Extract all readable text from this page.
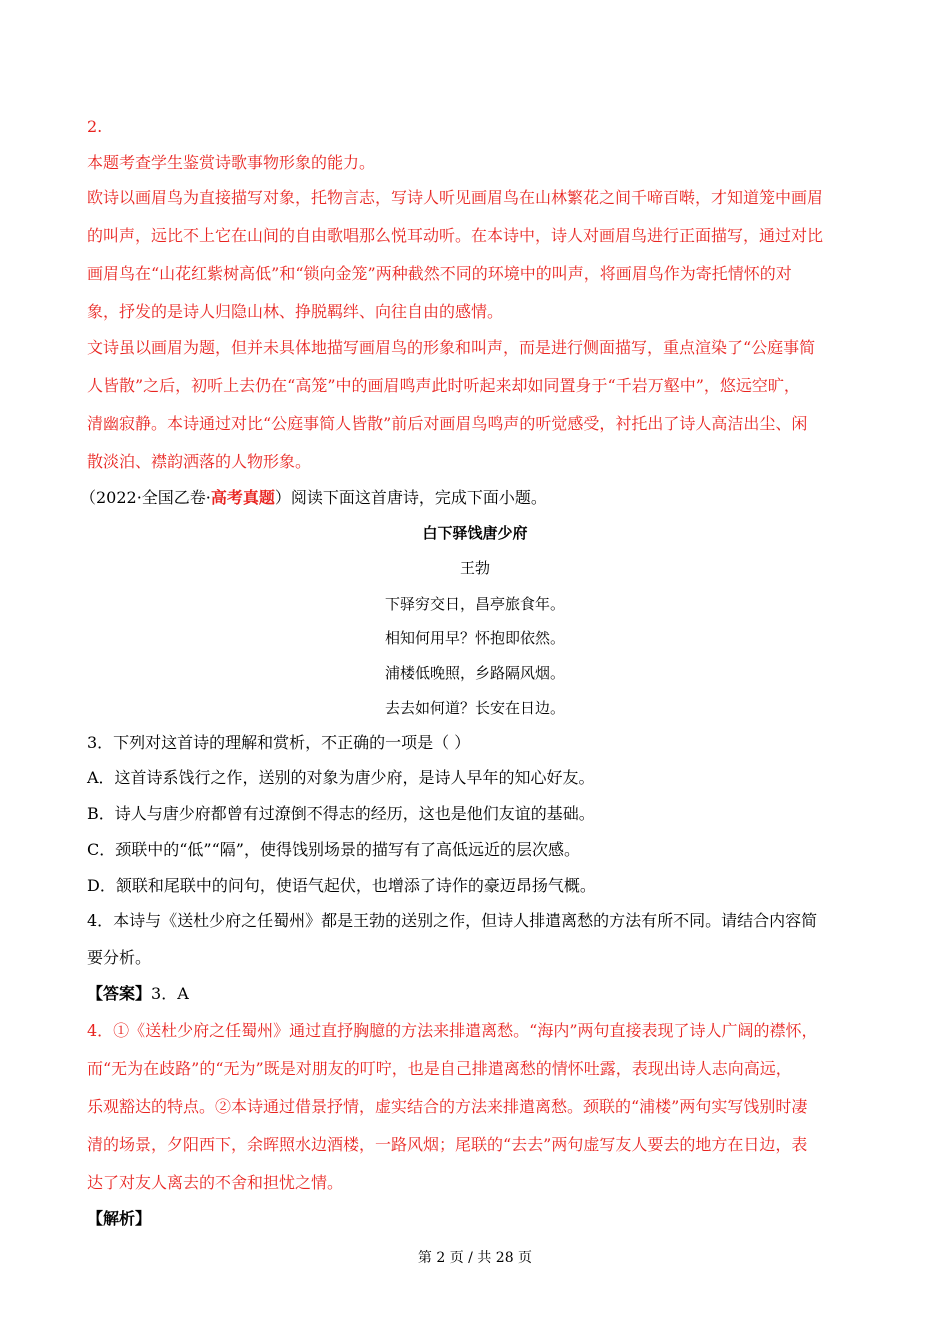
2.
本题考查学生鉴赏诗歌事物形象的能力。
欧诗以画眉鸟为直接描写对象，托物言志，写诗人听见画眉鸟在山林繁花之间千啼百啭，才知道笼中画眉
的叫声，远比不上它在山间的自由歌唱那么悦耳动听。在本诗中，诗人对画眉鸟进行正面描写，通过对比
画眉鸟在“山花红紫树高低”和“锁向金笼”两种截然不同的环境中的叫声，将画眉鸟作为寄托情怀的对
象，抒发的是诗人归隐山林、挣脱羁绊、向往自由的感情。
文诗虽以画眉为题，但并未具体地描写画眉鸟的形象和叫声，而是进行侧面描写，重点渲染了“公庭事简
人皆散”之后，初听上去仍在“高笼”中的画眉鸣声此时听起来却如同置身于“千岩万壑中”，悠远空旷，
清幽寂静。本诗通过对比“公庭事简人皆散”前后对画眉鸟鸣声的听觉感受，衬托出了诗人高洁出尘、闲
散淡泊、襟韵洒落的人物形象。
（2022·全国乙卷·高考真题）阅读下面这首唐诗，完成下面小题。
白下驿饯唐少府
王勃
下驿穷交日，昌亭旅食年。
相知何用早？怀抱即依然。
浦楼低晚照，乡路隔风烟。
去去如何道？长安在日边。
3．下列对这首诗的理解和赏析，不正确的一项是（ ）
A．这首诗系饯行之作，送别的对象为唐少府，是诗人早年的知心好友。
B．诗人与唐少府都曾有过潦倒不得志的经历，这也是他们友谊的基础。
C．颈联中的“低”“隔”，使得饯别场景的描写有了高低远近的层次感。
D．颔联和尾联中的问句，使语气起伏，也增添了诗作的豪迈昂扬气概。
4．本诗与《送杜少府之任蜀州》都是王勃的送别之作，但诗人排遣离愁的方法有所不同。请结合内容简
要分析。
【答案】3．A
4．①《送杜少府之任蜀州》通过直抒胸臆的方法来排遣离愁。“海内”两句直接表现了诗人广阔的襟怀，
而“无为在歧路”的“无为”既是对朋友的叮咛，也是自己排遣离愁的情怀吐露，表现出诗人志向高远，
乐观豁达的特点。②本诗通过借景抒情，虚实结合的方法来排遣离愁。颈联的“浦楼”两句实写饯别时凄
清的场景，夕阳西下，余晖照水边酒楼，一路风烟；尾联的“去去”两句虚写友人要去的地方在日边，表
达了对友人离去的不舍和担忧之情。
【解析】
第 2 页 / 共 28 页
